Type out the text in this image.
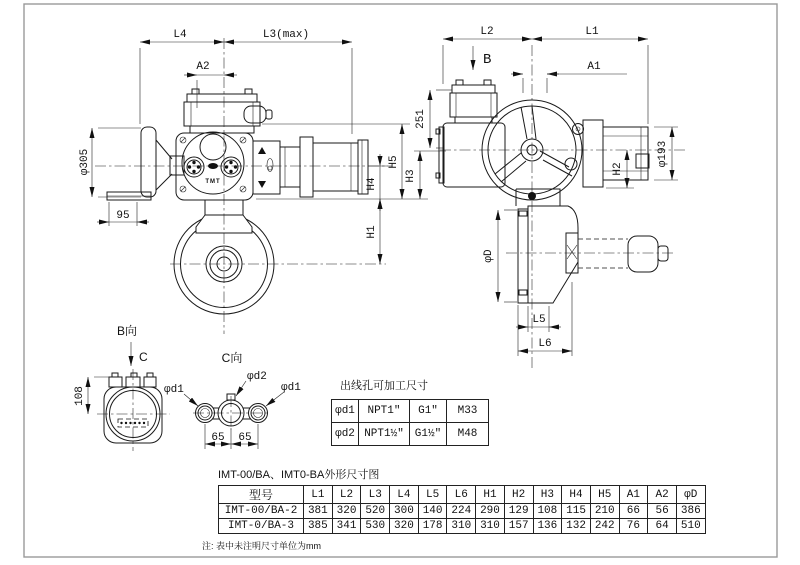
TMT
L4	L3(max)
A2
φ305
95
H4
H1
H5
H3
L2	L1
B	A1
251
φ193
H2
φD
L5
L6
B向
C
108
C向
φd2
φd1
φd1
65 65
出线孔可加工尺寸
φd1	NPT1″	G1″	M33
φd2	NPT1½″	G1½″	M48
IMT-00/BA、IMT0-BA外形尺寸图
型号	L1	L2	L3	L4	L5	L6	H1	H2	H3	H4	H5	A1	A2	φD
IMT-00/BA-2	381	320	520	300	140	224	290	129	108	115	210	66	56	386
IMT-0/BA-3	385	341	530	320	178	310	310	157	136	132	242	76	64	510
注: 表中未注明尺寸单位为mm
